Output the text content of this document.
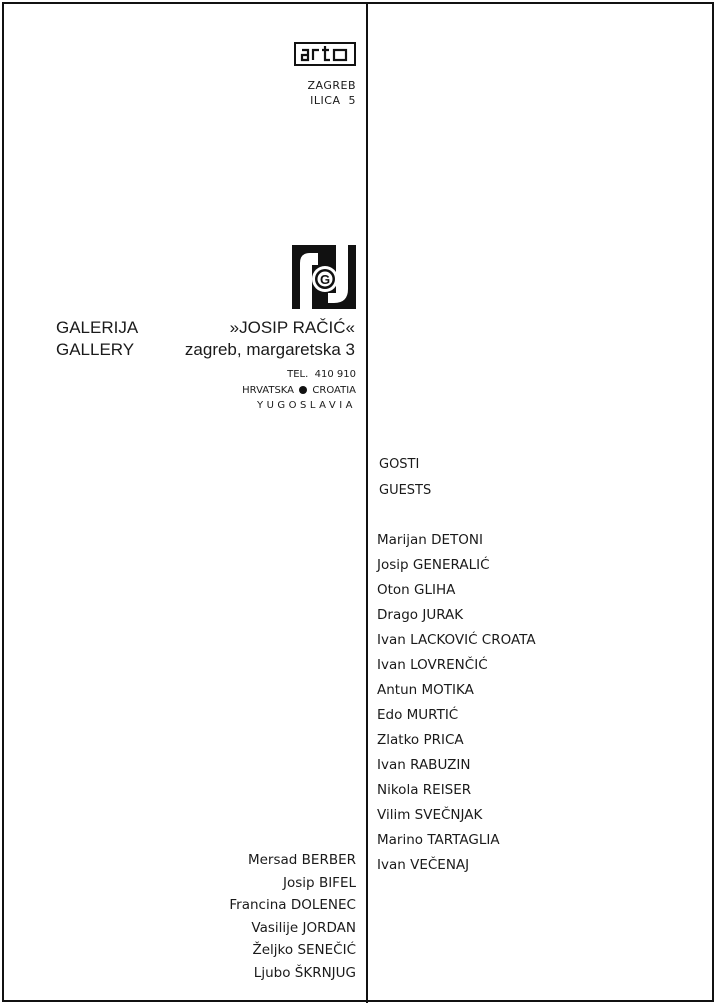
ZAGREB
ILICA  5
G
GALERIJA
GALLERY
»JOSIP RAČIĆ«
zagreb, margaretska 3
TEL.  410 910
HRVATSKA CROATIA
YUGOSLAVIA
GOSTI
GUESTS
Marijan DETONI
Josip GENERALIĆ
Oton GLIHA
Drago JURAK
Ivan LACKOVIĆ CROATA
Ivan LOVRENČIĆ
Antun MOTIKA
Edo MURTIĆ
Zlatko PRICA
Ivan RABUZIN
Nikola REISER
Vilim SVEČNJAK
Marino TARTAGLIA
Ivan VEČENAJ
Mersad BERBER
Josip BIFEL
Francina DOLENEC
Vasilije JORDAN
Željko SENEČIĆ
Ljubo ŠKRNJUG
